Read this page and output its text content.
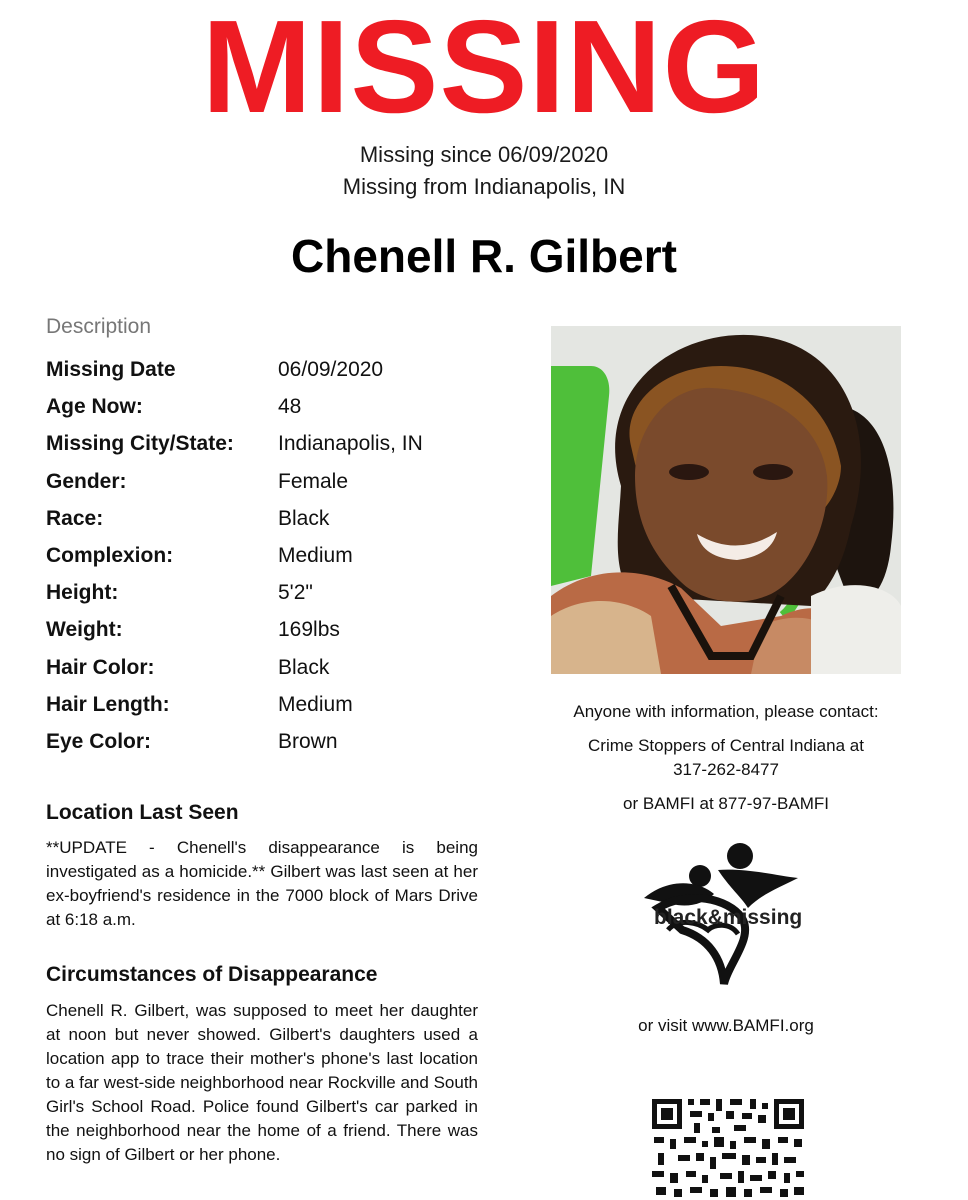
MISSING
Missing since 06/09/2020
Missing from Indianapolis, IN
Chenell R. Gilbert
Description
Missing Date	06/09/2020
Age Now:	48
Missing City/State: Indianapolis, IN
Gender:	Female
Race:	Black
Complexion:	Medium
Height:	5'2"
Weight:	169lbs
Hair Color:	Black
Hair Length:	Medium
Eye Color:	Brown
Location Last Seen
**UPDATE - Chenell's disappearance is being investigated as a homicide.** Gilbert was last seen at her ex-boyfriend's residence in the 7000 block of Mars Drive at 6:18 a.m.
Circumstances of Disappearance
Chenell R. Gilbert, was supposed to meet her daughter at noon but never showed. Gilbert's daughters used a location app to trace their mother's phone's last location to a far west-side neighborhood near Rockville and South Girl's School Road. Police found Gilbert's car parked in the neighborhood near the home of a friend. There was no sign of Gilbert or her phone.
Anyone with information, please contact:
Crime Stoppers of Central Indiana at
317-262-8477
or BAMFI at 877-97-BAMFI
black&missing
or visit www.BAMFI.org
